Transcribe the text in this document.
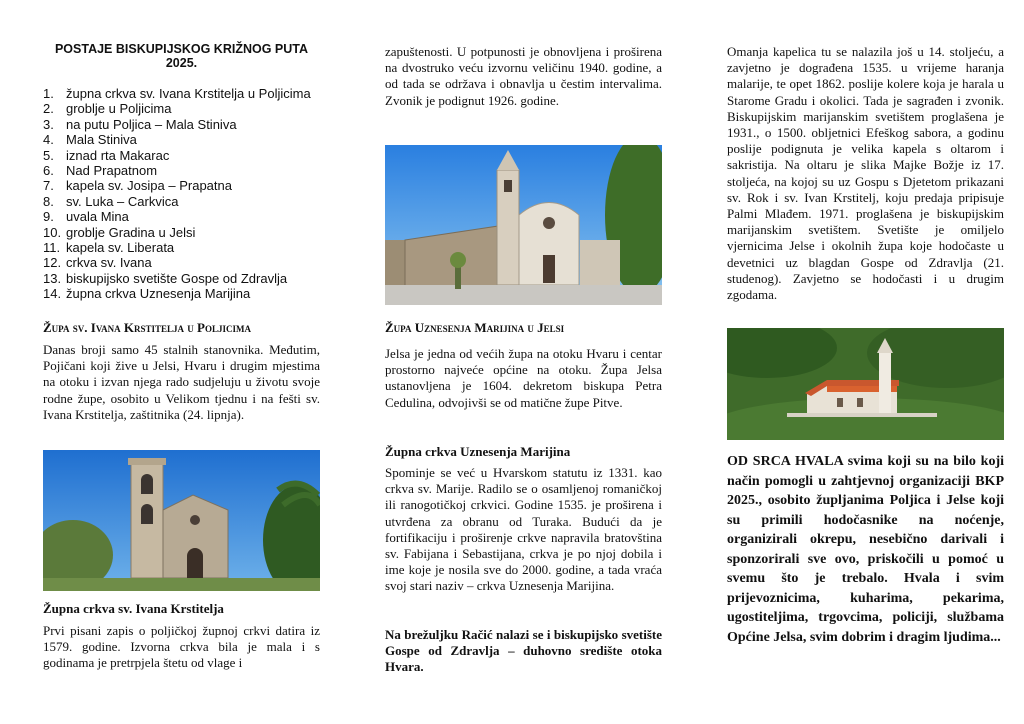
POSTAJE BISKUPIJSKOG KRIŽNOG PUTA
2025.
1. župna crkva sv. Ivana Krstitelja u Poljicima
2. groblje u Poljicima
3. na putu Poljica – Mala Stiniva
4. Mala Stiniva
5. iznad rta Makarac
6. Nad Prapatnom
7. kapela sv. Josipa – Prapatna
8. sv. Luka – Carkvica
9. uvala Mina
10. groblje Gradina u Jelsi
11. kapela sv. Liberata
12. crkva sv. Ivana
13. biskupijsko svetište Gospe od Zdravlja
14. župna crkva Uznesenja Marijina
Župa sv. Ivana Krstitelja u Poljicima

Danas broji samo 45 stalnih stanovnika. Međutim, Pojičani koji žive u Jelsi, Hvaru i drugim mjestima na otoku i izvan njega rado sudjeluju u životu svoje rodne župe, osobito u Velikom tjednu i na fešti sv. Ivana Krstitelja, zaštitnika (24. lipnja).

Župna crkva sv. Ivana Krstitelja

Prvi pisani zapis o poljičkoj župnoj crkvi datira iz 1579. godine. Izvorna crkva bila je mala i s godinama je pretrpjela štetu od vlage i

zapuštenosti. U potpunosti je obnovljena i proširena na dvostruko veću izvornu veličinu 1940. godine, a od tada se održava i obnavlja u čestim intervalima. Zvonik je podignut 1926. godine.

Župa Uznesenja Marijina u Jelsi

Jelsa je jedna od većih župa na otoku Hvaru i centar prostorno najveće općine na otoku. Župa Jelsa ustanovljena je 1604. dekretom biskupa Petra Cedulina, odvojivši se od matične župe Pitve.

Župna crkva Uznesenja Marijina

Spominje se već u Hvarskom statutu iz 1331. kao crkva sv. Marije. Radilo se o osamljenoj romaničkoj ili ranogotičkoj crkvici. Godine 1535. je proširena i utvrđena za obranu od Turaka. Budući da je fortifikaciju i proširenje crkve napravila bratovština sv. Fabijana i Sebastijana, crkva je po njoj dobila i ime koje je nosila sve do 2000. godine, a tada vraća svoj stari naziv – crkva Uznesenja Marijina.

Na brežuljku Račić nalazi se i biskupijsko svetište Gospe od Zdravlja – duhovno središte otoka Hvara.

Omanja kapelica tu se nalazila još u 14. stoljeću, a zavjetno je dograđena 1535. u vrijeme haranja malarije, te opet 1862. poslije kolere koja je harala u Starome Gradu i okolici. Tada je sagrađen i zvonik. Biskupijskim marijanskim svetištem proglašena je 1931., o 1500. obljetnici Efeškog sabora, a godinu poslije podignuta je velika kapela s oltarom i sakristija. Na oltaru je slika Majke Božje iz 17. stoljeća, na kojoj su uz Gospu s Djetetom prikazani sv. Rok i sv. Ivan Krstitelj, koju predaja pripisuje Palmi Mlađem. 1971. proglašena je biskupijskim marijanskim svetištem. Svetište je omiljelo vjernicima Jelse i okolnih župa koje hodočaste u devetnici uz blagdan Gospe od Zdravlja (21. studenog). Zavjetno se hodočasti i u drugim zgodama.

OD SRCA HVALA svima koji su na bilo koji način pomogli u zahtjevnoj organizaciji BKP 2025., osobito župljanima Poljica i Jelse koji su primili hodočasnike na noćenje, organizirali okrepu, nesebično darivali i sponzorirali sve ovo, priskočili u pomoć u svemu što je trebalo. Hvala i svim prijevoznicima, kuharima, pekarima, ugostiteljima, trgovcima, policiji, službama Općine Jelsa, svim dobrim i dragim ljudima...
